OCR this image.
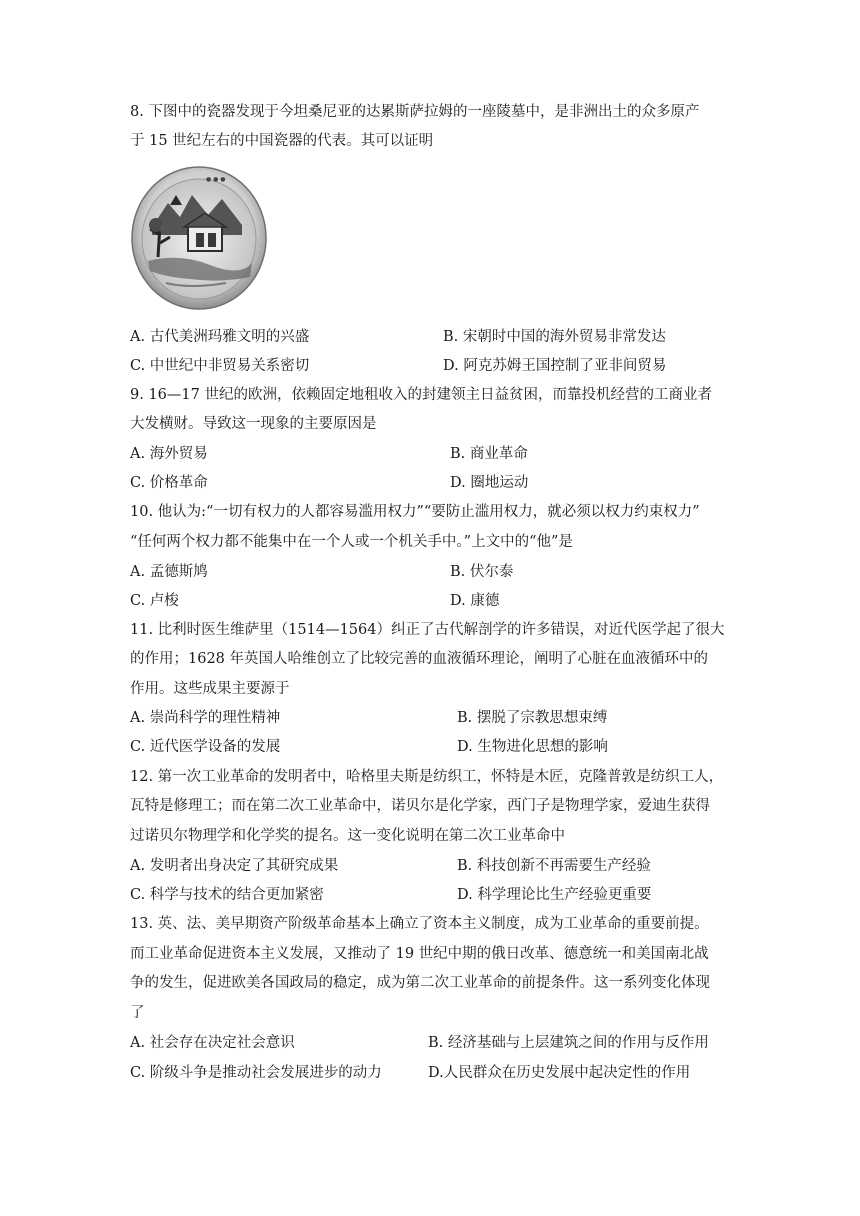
8. 下图中的瓷器发现于今坦桑尼亚的达累斯萨拉姆的一座陵墓中，是非洲出土的众多原产
于 15 世纪左右的中国瓷器的代表。其可以证明
● ● ●
A. 古代美洲玛雅文明的兴盛	B. 宋朝时中国的海外贸易非常发达
C. 中世纪中非贸易关系密切	D. 阿克苏姆王国控制了亚非间贸易
9. 16—17 世纪的欧洲，依赖固定地租收入的封建领主日益贫困，而靠投机经营的工商业者
大发横财。导致这一现象的主要原因是
A. 海外贸易	B. 商业革命
C. 价格革命	D. 圈地运动
10. 他认为:“一切有权力的人都容易滥用权力”“要防止滥用权力，就必须以权力约束权力”
“任何两个权力都不能集中在一个人或一个机关手中。”上文中的“他”是
A. 孟德斯鸠	B. 伏尔泰
C. 卢梭	D. 康德
11. 比利时医生维萨里（1514—1564）纠正了古代解剖学的许多错误，对近代医学起了很大
的作用；1628 年英国人哈维创立了比较完善的血液循环理论，阐明了心脏在血液循环中的
作用。这些成果主要源于
A. 崇尚科学的理性精神	B. 摆脱了宗教思想束缚
C. 近代医学设备的发展	D. 生物进化思想的影响
12. 第一次工业革命的发明者中，哈格里夫斯是纺织工，怀特是木匠，克隆普敦是纺织工人，
瓦特是修理工；而在第二次工业革命中，诺贝尔是化学家，西门子是物理学家，爱迪生获得
过诺贝尔物理学和化学奖的提名。这一变化说明在第二次工业革命中
A. 发明者出身决定了其研究成果	B. 科技创新不再需要生产经验
C. 科学与技术的结合更加紧密	D. 科学理论比生产经验更重要
13. 英、法、美早期资产阶级革命基本上确立了资本主义制度，成为工业革命的重要前提。
而工业革命促进资本主义发展，又推动了 19 世纪中期的俄日改革、德意统一和美国南北战
争的发生，促进欧美各国政局的稳定，成为第二次工业革命的前提条件。这一系列变化体现
了
A. 社会存在决定社会意识	B. 经济基础与上层建筑之间的作用与反作用
C. 阶级斗争是推动社会发展进步的动力	D.人民群众在历史发展中起决定性的作用
